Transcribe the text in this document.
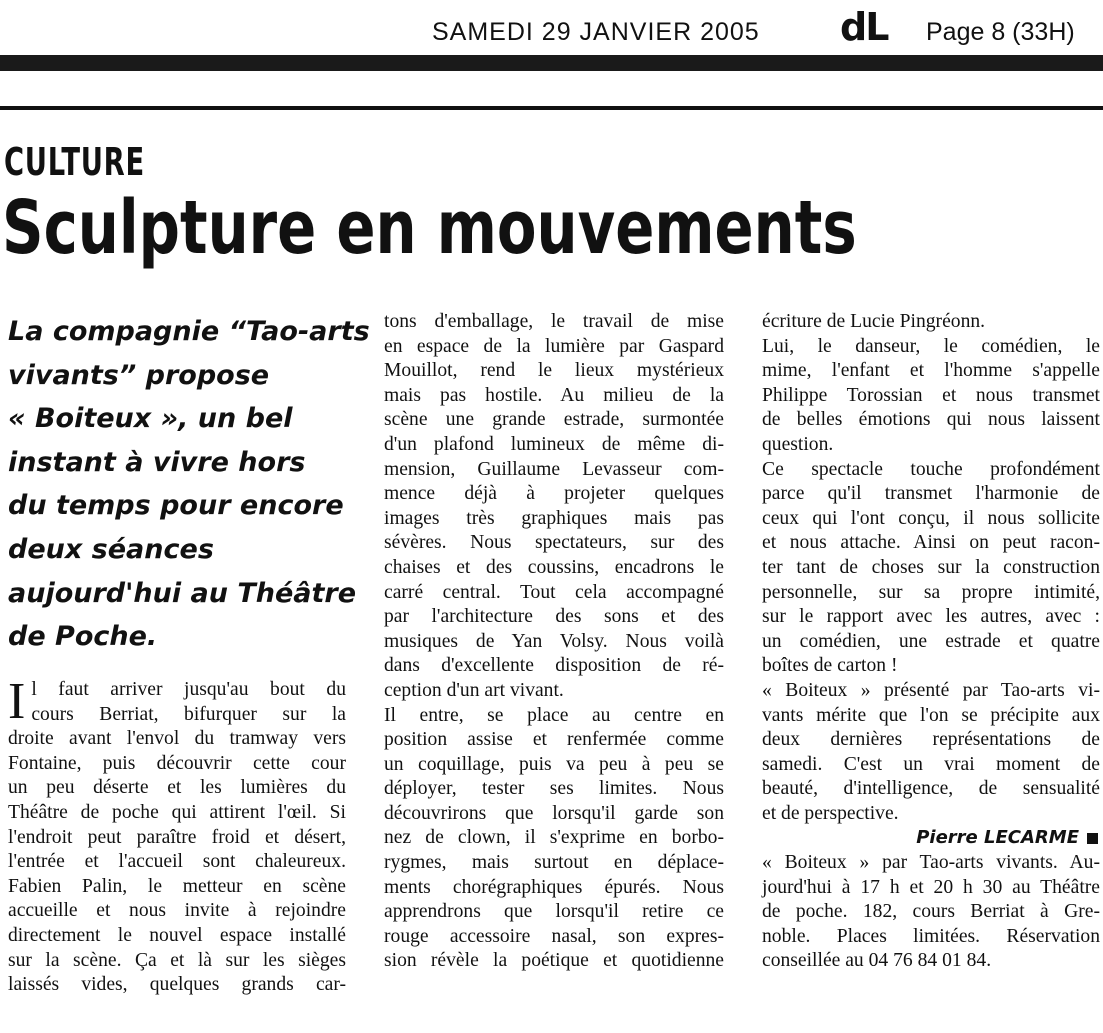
SAMEDI 29 JANVIER 2005 dL Page 8 (33H)
CULTURE
Sculpture en mouvements
La compagnie “Tao-arts
vivants” propose
« Boiteux », un bel
instant à vivre hors
du temps pour encore
deux séances
aujourd'hui au Théâtre
de Poche.
I l faut arriver jusqu'au bout du
cours Berriat, bifurquer sur la
droite avant l'envol du tramway vers
Fontaine, puis découvrir cette cour
un peu déserte et les lumières du
Théâtre de poche qui attirent l'œil. Si
l'endroit peut paraître froid et désert,
l'entrée et l'accueil sont chaleureux.
Fabien Palin, le metteur en scène
accueille et nous invite à rejoindre
directement le nouvel espace installé
sur la scène. Ça et là sur les sièges
laissés vides, quelques grands car-
tons d'emballage, le travail de mise
en espace de la lumière par Gaspard
Mouillot, rend le lieux mystérieux
mais pas hostile. Au milieu de la
scène une grande estrade, surmontée
d'un plafond lumineux de même di-
mension, Guillaume Levasseur com-
mence déjà à projeter quelques
images très graphiques mais pas
sévères. Nous spectateurs, sur des
chaises et des coussins, encadrons le
carré central. Tout cela accompagné
par l'architecture des sons et des
musiques de Yan Volsy. Nous voilà
dans d'excellente disposition de ré-
ception d'un art vivant.
Il entre, se place au centre en
position assise et renfermée comme
un coquillage, puis va peu à peu se
déployer, tester ses limites. Nous
découvrirons que lorsqu'il garde son
nez de clown, il s'exprime en borbo-
rygmes, mais surtout en déplace-
ments chorégraphiques épurés. Nous
apprendrons que lorsqu'il retire ce
rouge accessoire nasal, son expres-
sion révèle la poétique et quotidienne
écriture de Lucie Pingréonn.
Lui, le danseur, le comédien, le
mime, l'enfant et l'homme s'appelle
Philippe Torossian et nous transmet
de belles émotions qui nous laissent
question.
Ce spectacle touche profondément
parce qu'il transmet l'harmonie de
ceux qui l'ont conçu, il nous sollicite
et nous attache. Ainsi on peut racon-
ter tant de choses sur la construction
personnelle, sur sa propre intimité,
sur le rapport avec les autres, avec :
un comédien, une estrade et quatre
boîtes de carton !
« Boiteux » présenté par Tao-arts vi-
vants mérite que l'on se précipite aux
deux dernières représentations de
samedi. C'est un vrai moment de
beauté, d'intelligence, de sensualité
et de perspective.
Pierre LECARME
« Boiteux » par Tao-arts vivants. Au-
jourd'hui à 17 h et 20 h 30 au Théâtre
de poche. 182, cours Berriat à Gre-
noble. Places limitées. Réservation
conseillée au 04 76 84 01 84.
